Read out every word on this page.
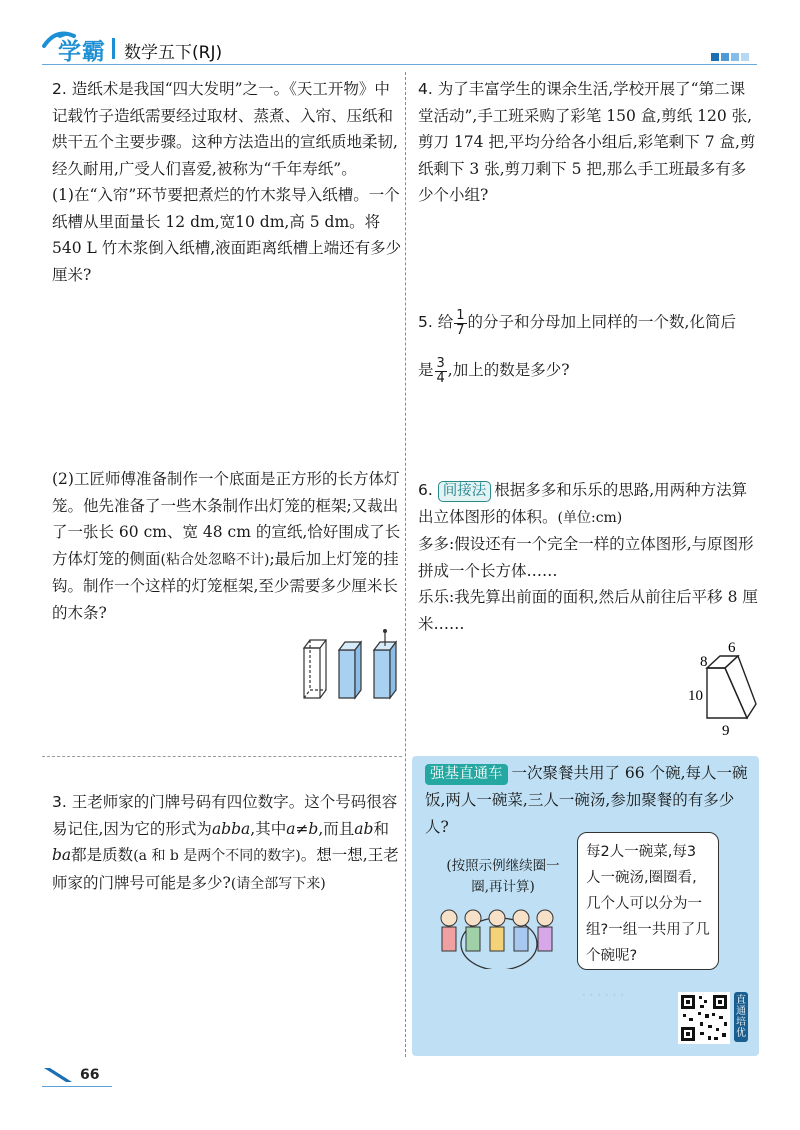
学霸 数学五下(RJ)

2. 造纸术是我国“四大发明”之一。《天工开物》中记载竹子造纸需要经过取材、蒸煮、入帘、压纸和烘干五个主要步骤。这种方法造出的宣纸质地柔韧,经久耐用,广受人们喜爱,被称为“千年寿纸”。

(1)在“入帘”环节要把煮烂的竹木浆导入纸槽。一个纸槽从里面量长 12 dm,宽10 dm,高 5 dm。将 540 L 竹木浆倒入纸槽,液面距离纸槽上端还有多少厘米?

(2)工匠师傅准备制作一个底面是正方形的长方体灯笼。他先准备了一些木条制作出灯笼的框架;又裁出了一张长 60 cm、宽 48 cm 的宣纸,恰好围成了长方体灯笼的侧面(粘合处忽略不计);最后加上灯笼的挂钩。制作一个这样的灯笼框架,至少需要多少厘米长的木条?

3. 王老师家的门牌号码有四位数字。这个号码很容易记住,因为它的形式为abba,其中a≠b,而且ab和ba都是质数(a 和 b 是两个不同的数字)。想一想,王老师家的门牌号可能是多少?(请全部写下来)

4. 为了丰富学生的课余生活,学校开展了“第二课堂活动”,手工班采购了彩笔 150 盒,剪纸 120 张,剪刀 174 把,平均分给各小组后,彩笔剩下 7 盒,剪纸剩下 3 张,剪刀剩下 5 把,那么手工班最多有多少个小组?

5. 给 $\frac{1}{7}$ 的分子和分母加上同样的一个数,化简后

是 $\frac{3}{4}$ ,加上的数是多少?

6. 间接法 根据多多和乐乐的思路,用两种方法算出立体图形的体积。(单位:cm)

多多:假设还有一个完全一样的立体图形,与原图形拼成一个长方体……

乐乐:我先算出前面的面积,然后从前往后平移 8 厘米……

6
8
10
9
强基直通车 一次聚餐共用了 66 个碗,每人一碗饭,两人一碗菜,三人一碗汤,参加聚餐的有多少人?
(按照示例继续圈一圈,再计算)
每2人一碗菜,每3人一碗汤,圈圈看,几个人可以分为一组?一组一共用了几个碗呢?
· · · · · ·	直通培优
66
